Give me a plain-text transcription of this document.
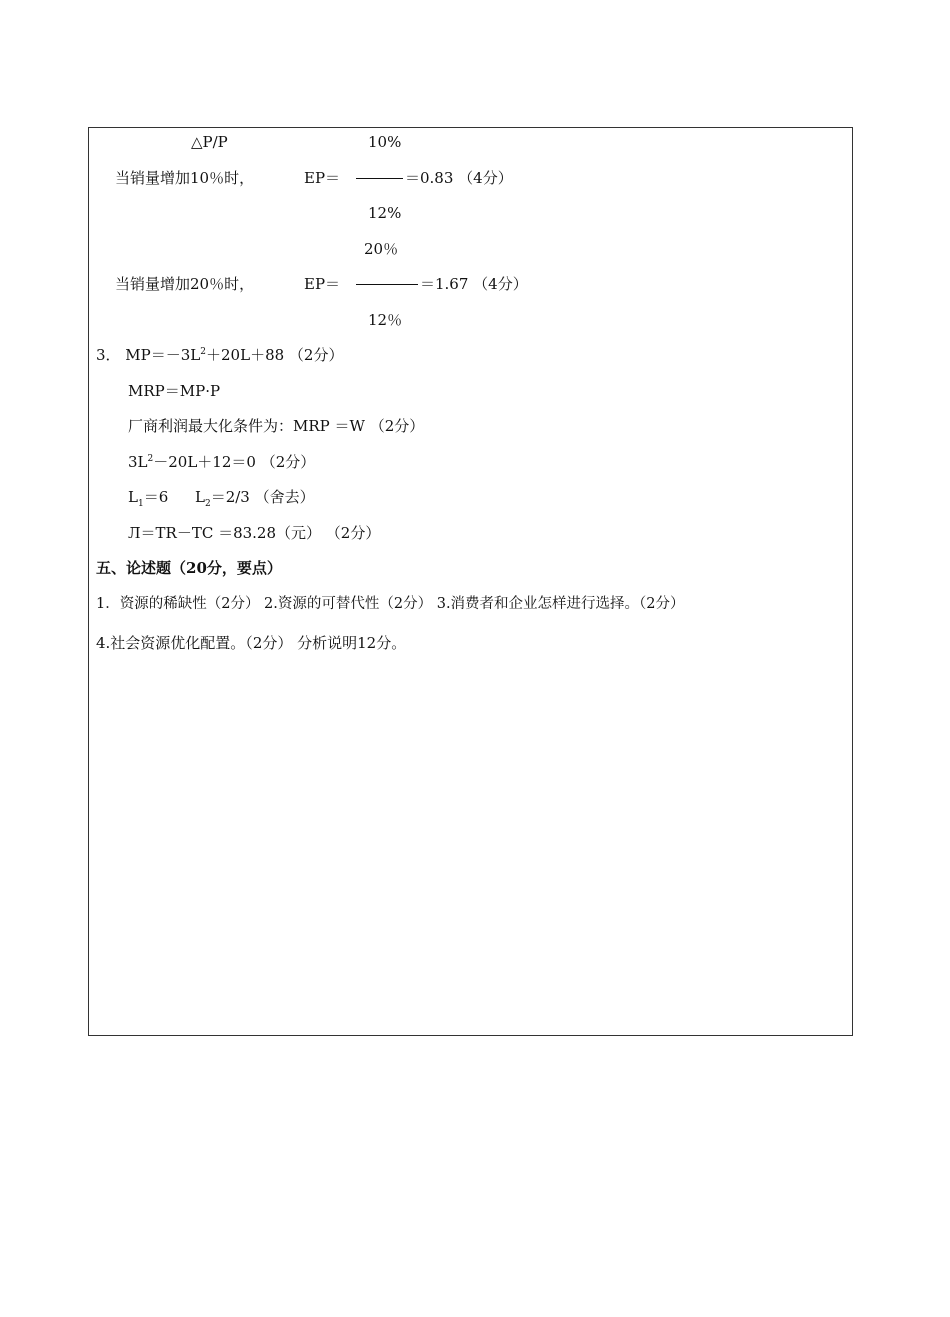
△P/P	10%
当销量增加10％时，	EP＝	＝0.83 （4分）
12%
20％
当销量增加20％时，	EP＝	＝1.67 （4分）
12％
3． $MP=-3L^2+20L+88$ （2分）
MRP＝MP·P
厂商利润最大化条件为：MRP ＝W （2分）
$3L^2-20L+12=0$ （2分）
$L_1=6$ $L_2=2/3$ （舍去）
Л＝TR－TC ＝83.28（元） （2分）
五、论述题（20分，要点）
1．资源的稀缺性（2分） 2.资源的可替代性（2分） 3.消费者和企业怎样进行选择。（2分）
4.社会资源优化配置。（2分） 分析说明12分。
